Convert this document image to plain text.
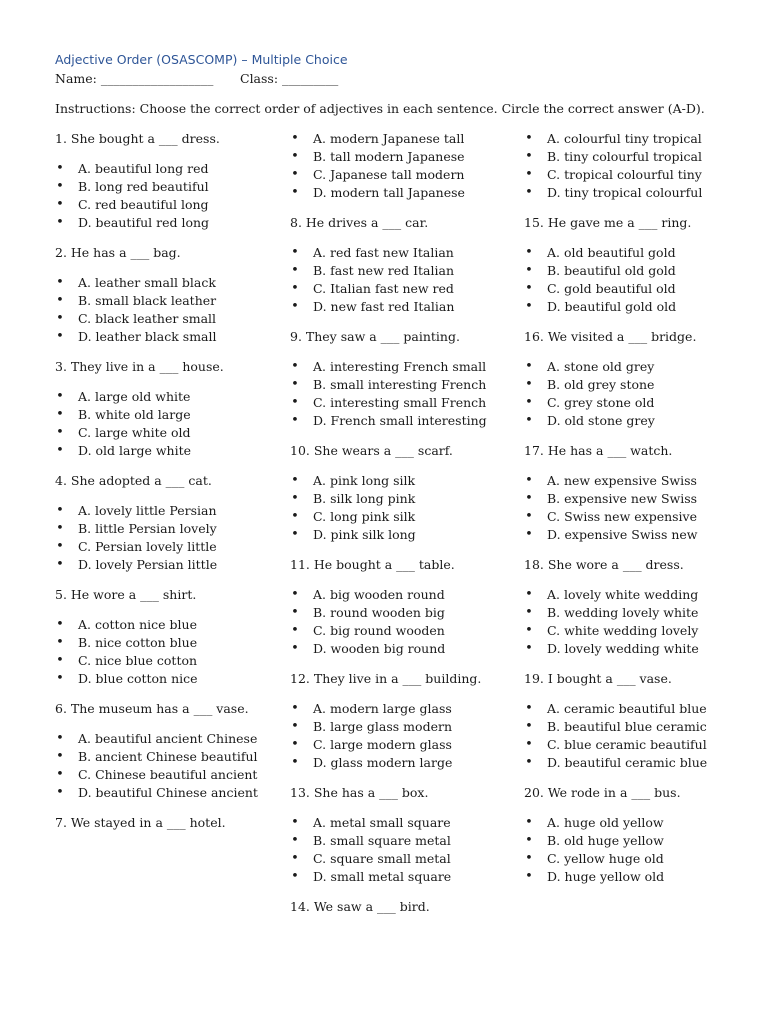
Adjective Order (OSASCOMP) – Multiple Choice
Name: __________________ Class: _________
Instructions: Choose the correct order of adjectives in each sentence. Circle the correct answer (A-D).
1. She bought a ___ dress.
• A. beautiful long red
• B. long red beautiful
• C. red beautiful long
• D. beautiful red long
2. He has a ___ bag.
• A. leather small black
• B. small black leather
• C. black leather small
• D. leather black small
3. They live in a ___ house.
• A. large old white
• B. white old large
• C. large white old
• D. old large white
4. She adopted a ___ cat.
• A. lovely little Persian
• B. little Persian lovely
• C. Persian lovely little
• D. lovely Persian little
5. He wore a ___ shirt.
• A. cotton nice blue
• B. nice cotton blue
• C. nice blue cotton
• D. blue cotton nice
6. The museum has a ___ vase.
• A. beautiful ancient Chinese
• B. ancient Chinese beautiful
• C. Chinese beautiful ancient
• D. beautiful Chinese ancient
7. We stayed in a ___ hotel.
• A. modern Japanese tall
• B. tall modern Japanese
• C. Japanese tall modern
• D. modern tall Japanese
8. He drives a ___ car.
• A. red fast new Italian
• B. fast new red Italian
• C. Italian fast new red
• D. new fast red Italian
9. They saw a ___ painting.
• A. interesting French small
• B. small interesting French
• C. interesting small French
• D. French small interesting
10. She wears a ___ scarf.
• A. pink long silk
• B. silk long pink
• C. long pink silk
• D. pink silk long
11. He bought a ___ table.
• A. big wooden round
• B. round wooden big
• C. big round wooden
• D. wooden big round
12. They live in a ___ building.
• A. modern large glass
• B. large glass modern
• C. large modern glass
• D. glass modern large
13. She has a ___ box.
• A. metal small square
• B. small square metal
• C. square small metal
• D. small metal square
14. We saw a ___ bird.
• A. colourful tiny tropical
• B. tiny colourful tropical
• C. tropical colourful tiny
• D. tiny tropical colourful
15. He gave me a ___ ring.
• A. old beautiful gold
• B. beautiful old gold
• C. gold beautiful old
• D. beautiful gold old
16. We visited a ___ bridge.
• A. stone old grey
• B. old grey stone
• C. grey stone old
• D. old stone grey
17. He has a ___ watch.
• A. new expensive Swiss
• B. expensive new Swiss
• C. Swiss new expensive
• D. expensive Swiss new
18. She wore a ___ dress.
• A. lovely white wedding
• B. wedding lovely white
• C. white wedding lovely
• D. lovely wedding white
19. I bought a ___ vase.
• A. ceramic beautiful blue
• B. beautiful blue ceramic
• C. blue ceramic beautiful
• D. beautiful ceramic blue
20. We rode in a ___ bus.
• A. huge old yellow
• B. old huge yellow
• C. yellow huge old
• D. huge yellow old
